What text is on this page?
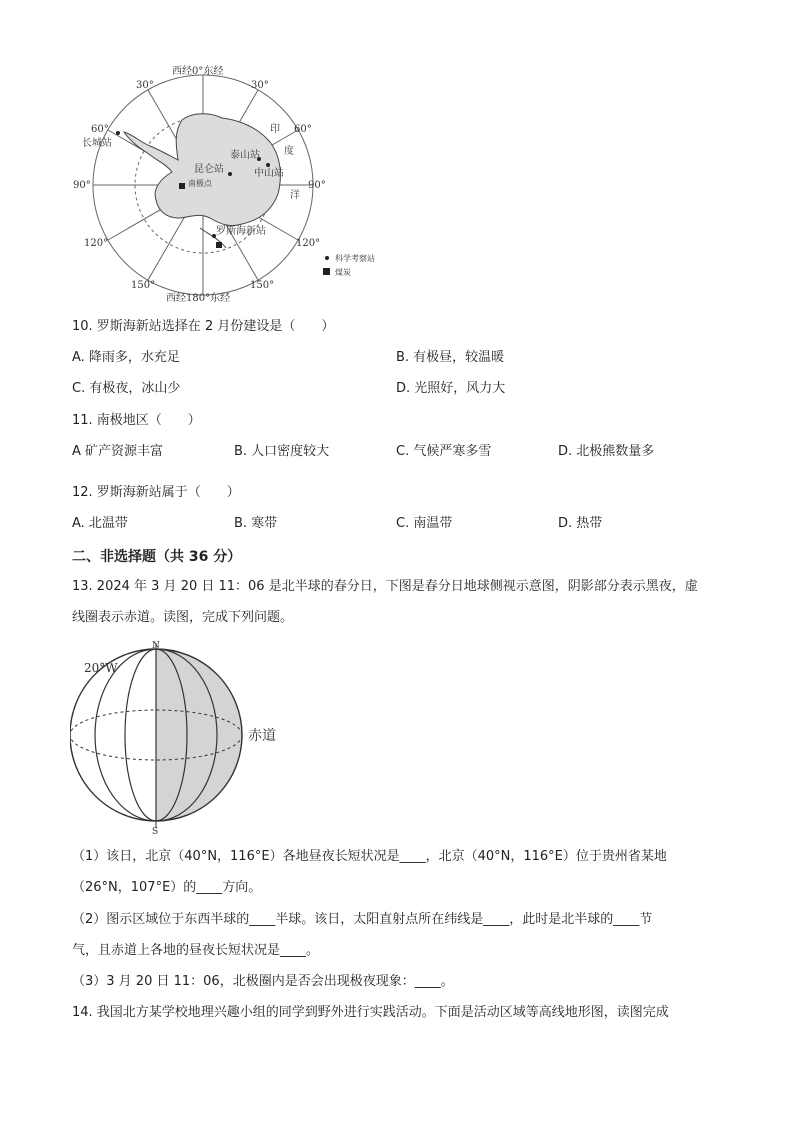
西经0°东经
西经180°东经
30°	30°
60°	60°
90°	90°
120°	120°
150°	150°
长城站
昆仑站
泰山站
中山站
罗斯海新站
南极点
印
度
洋
科学考察站
煤炭
10. 罗斯海新站选择在 2 月份建设是（　　）
A. 降雨多，水充足	B. 有极昼，较温暖
C. 有极夜，冰山少	D. 光照好，风力大
11. 南极地区（　　）
A 矿产资源丰富	B. 人口密度较大	C. 气候严寒多雪	D. 北极熊数量多
12. 罗斯海新站属于（　　）
A. 北温带	B. 寒带	C. 南温带	D. 热带
二、非选择题（共 36 分）
13. 2024 年 3 月 20 日 11：06 是北半球的春分日，下图是春分日地球侧视示意图，阴影部分表示黑夜，虚
线圈表示赤道。读图，完成下列问题。
N
S
20°W
赤道
（1）该日，北京（40°N，116°E）各地昼夜长短状况是____，北京（40°N，116°E）位于贵州省某地
（26°N，107°E）的____方向。
（2）图示区域位于东西半球的____半球。该日，太阳直射点所在纬线是____，此时是北半球的____节
气，且赤道上各地的昼夜长短状况是____。
（3）3 月 20 日 11：06，北极圈内是否会出现极夜现象：____。
14. 我国北方某学校地理兴趣小组的同学到野外进行实践活动。下面是活动区域等高线地形图，读图完成
